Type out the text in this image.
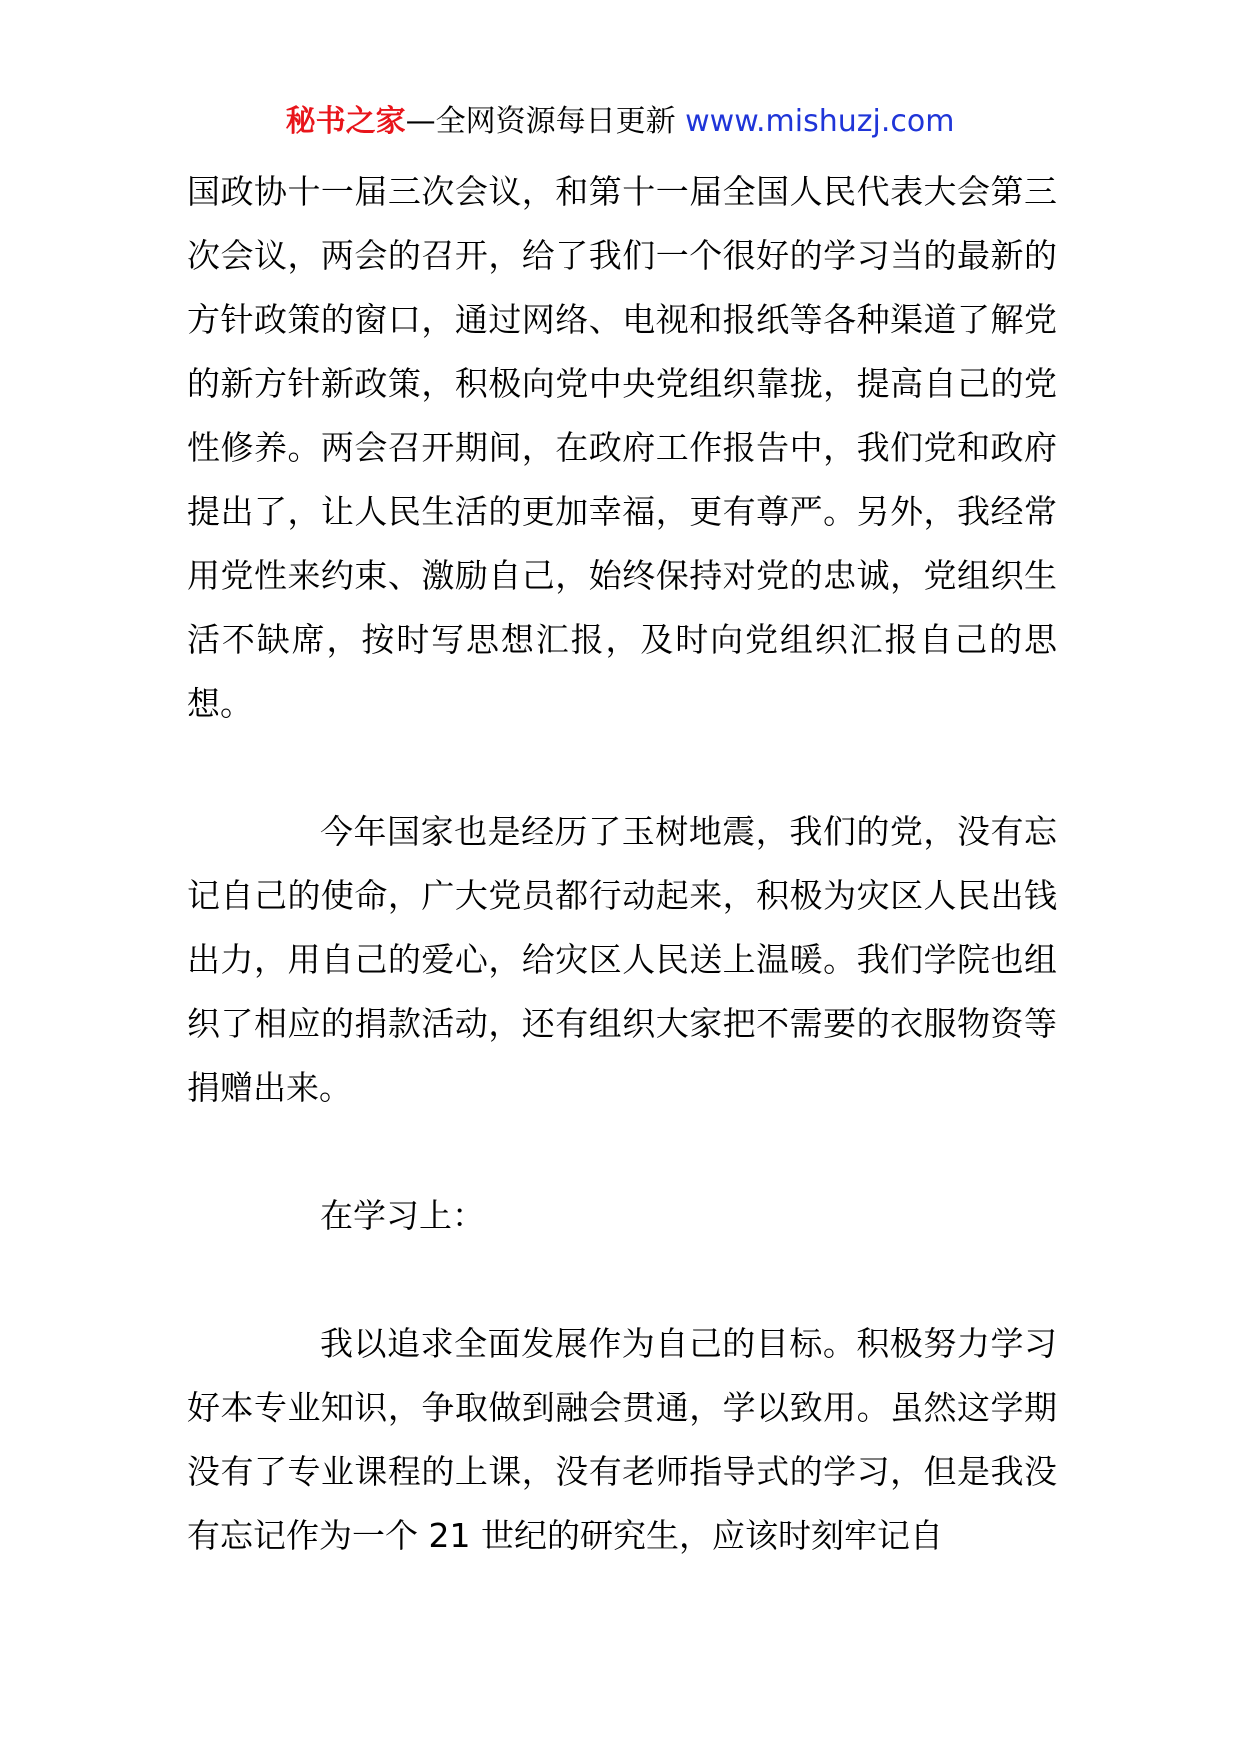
秘书之家—全网资源每日更新 www.mishuzj.com

国政协十一届三次会议，和第十一届全国人民代表大会第三次会议，两会的召开，给了我们一个很好的学习当的最新的方针政策的窗口，通过网络、电视和报纸等各种渠道了解党的新方针新政策，积极向党中央党组织靠拢，提高自己的党性修养。两会召开期间，在政府工作报告中，我们党和政府提出了，让人民生活的更加幸福，更有尊严。另外，我经常用党性来约束、激励自己，始终保持对党的忠诚，党组织生活不缺席，按时写思想汇报，及时向党组织汇报自己的思想。

今年国家也是经历了玉树地震，我们的党，没有忘记自己的使命，广大党员都行动起来，积极为灾区人民出钱出力，用自己的爱心，给灾区人民送上温暖。我们学院也组织了相应的捐款活动，还有组织大家把不需要的衣服物资等捐赠出来。

在学习上：

我以追求全面发展作为自己的目标。积极努力学习好本专业知识，争取做到融会贯通，学以致用。虽然这学期没有了专业课程的上课，没有老师指导式的学习，但是我没有忘记作为一个 21 世纪的研究生，应该时刻牢记自
